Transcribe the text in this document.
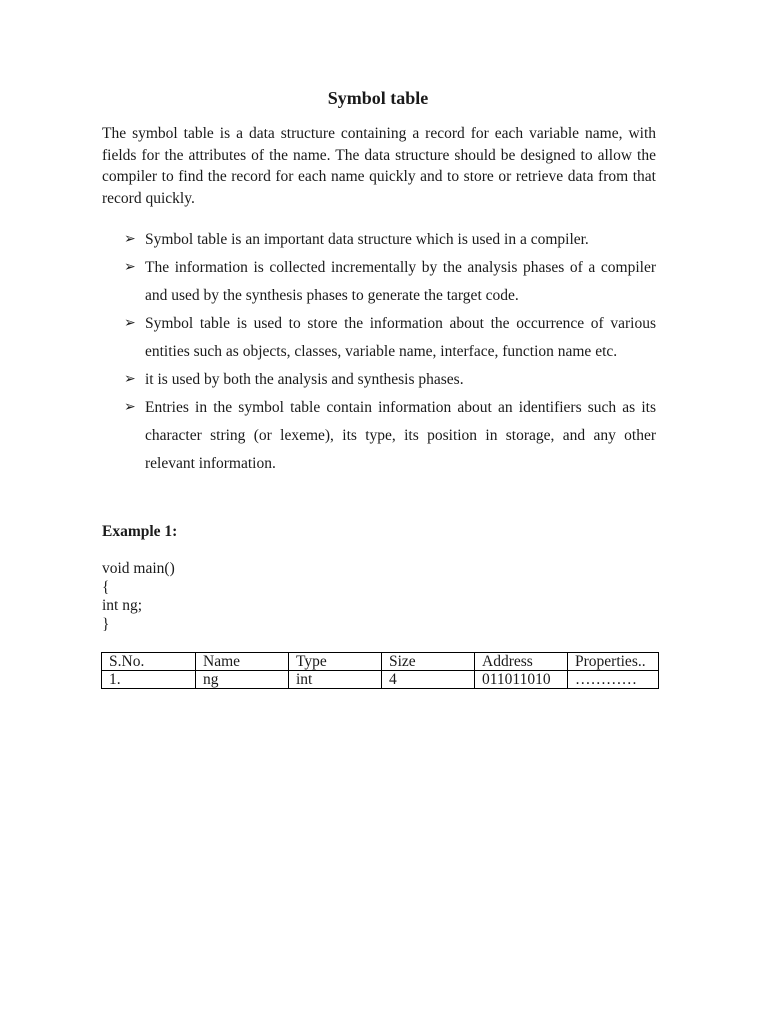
Symbol table

The symbol table is a data structure containing a record for each variable name, with fields for the attributes of the name. The data structure should be designed to allow the compiler to find the record for each name quickly and to store or retrieve data from that record quickly.

➢ Symbol table is an important data structure which is used in a compiler.
➢ The information is collected incrementally by the analysis phases of a compiler and used by the synthesis phases to generate the target code.
➢ Symbol table is used to store the information about the occurrence of various entities such as objects, classes, variable name, interface, function name etc.
➢ it is used by both the analysis and synthesis phases.
➢ Entries in the symbol table contain information about an identifiers such as its character string (or lexeme), its type, its position in storage, and any other relevant information.
Example 1:
void main()
{
int ng;
}
S.No.	Name	Type	Size	Address	Properties..
1.	ng	int	4	011011010	…………
